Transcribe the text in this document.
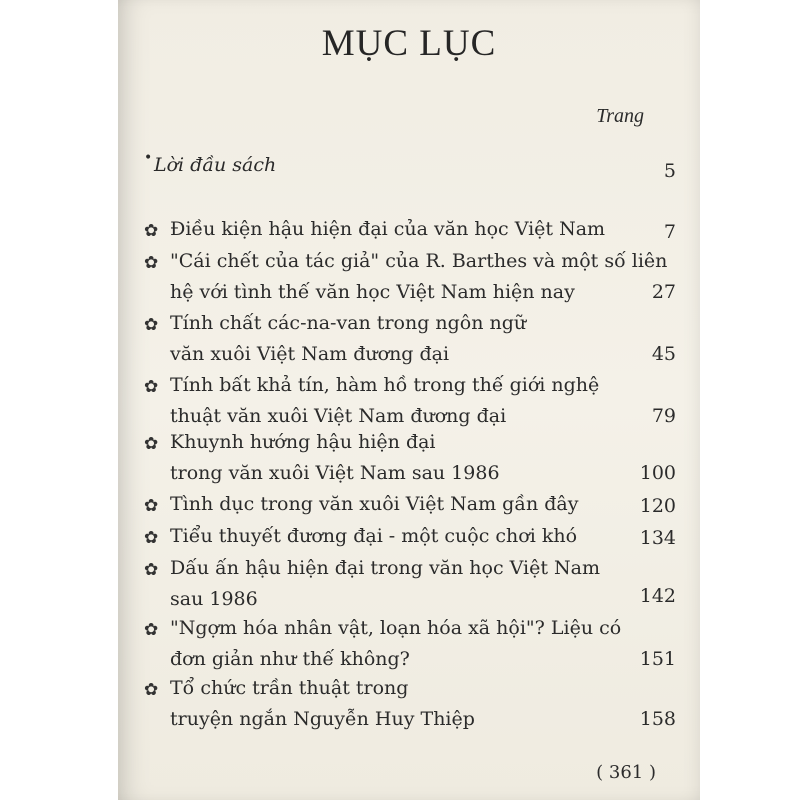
MỤC LỤC
Trang
• Lời đầu sách	5
✿ Điều kiện hậu hiện đại của văn học Việt Nam	7
✿ "Cái chết của tác giả" của R. Barthes và một số liên
hệ với tình thế văn học Việt Nam hiện nay	27
✿ Tính chất các-na-van trong ngôn ngữ
văn xuôi Việt Nam đương đại	45
✿ Tính bất khả tín, hàm hồ trong thế giới nghệ
thuật văn xuôi Việt Nam đương đại	79
✿ Khuynh hướng hậu hiện đại
trong văn xuôi Việt Nam sau 1986	100
✿ Tình dục trong văn xuôi Việt Nam gần đây	120
✿ Tiểu thuyết đương đại - một cuộc chơi khó	134
✿ Dấu ấn hậu hiện đại trong văn học Việt Nam
sau 1986	142
✿ "Ngợm hóa nhân vật, loạn hóa xã hội"? Liệu có
đơn giản như thế không?	151
✿ Tổ chức trần thuật trong
truyện ngắn Nguyễn Huy Thiệp	158
( 361 )
